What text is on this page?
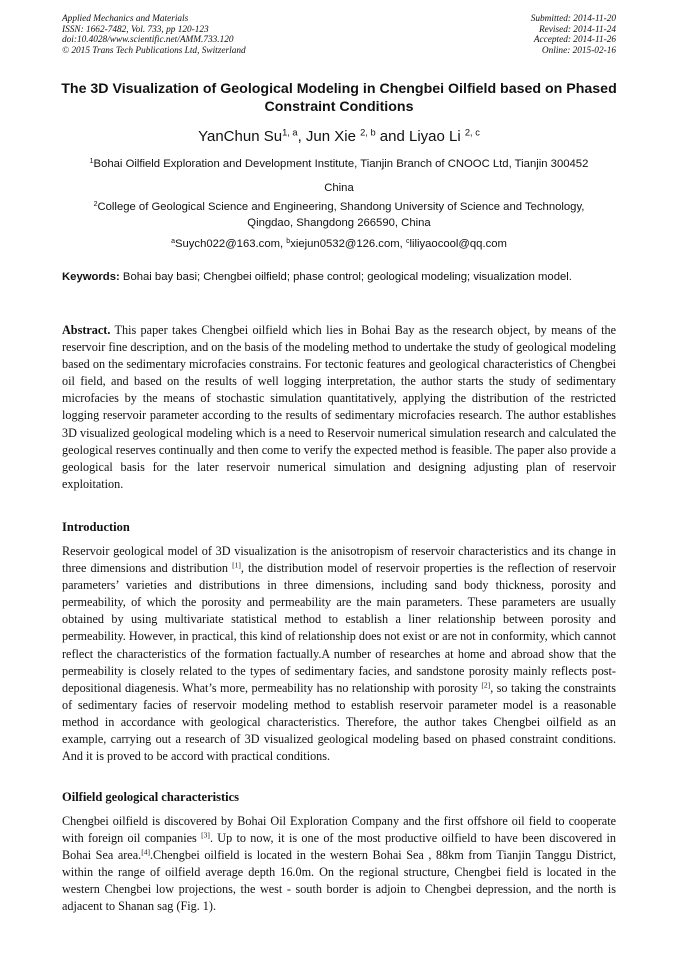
Applied Mechanics and Materials
ISSN: 1662-7482, Vol. 733, pp 120-123
doi:10.4028/www.scientific.net/AMM.733.120
© 2015 Trans Tech Publications Ltd, Switzerland
Submitted: 2014-11-20
Revised: 2014-11-24
Accepted: 2014-11-26
Online: 2015-02-16
The 3D Visualization of Geological Modeling in Chengbei Oilfield based on Phased Constraint Conditions
YanChun Su$^{1, a}$, Jun Xie $^{2, b}$ and Liyao Li $^{2, c}$
$^1$Bohai Oilfield Exploration and Development Institute, Tianjin Branch of CNOOC Ltd, Tianjin 300452
China
$^2$College of Geological Science and Engineering, Shandong University of Science and Technology,
Qingdao, Shangdong 266590, China
$^a$Suych022@163.com, $^b$xiejun0532@126.com, $^c$liliyaocool@qq.com
Keywords: Bohai bay basi; Chengbei oilfield; phase control; geological modeling; visualization model.
Abstract. This paper takes Chengbei oilfield which lies in Bohai Bay as the research object, by means of the reservoir fine description, and on the basis of the modeling method to undertake the study of geological modeling based on the sedimentary microfacies constrains. For tectonic features and geological characteristics of Chengbei oil field, and based on the results of well logging interpretation, the author starts the study of sedimentary microfacies by the means of stochastic simulation quantitatively, applying the distribution of the restricted logging reservoir parameter according to the results of sedimentary microfacies research. The author establishes 3D visualized geological modeling which is a need to Reservoir numerical simulation research and calculated the geological reserves continually and then come to verify the expected method is feasible. The paper also provide a geological basis for the later reservoir numerical simulation and designing adjusting plan of reservoir exploitation.
Introduction
Reservoir geological model of 3D visualization is the anisotropism of reservoir characteristics and its change in three dimensions and distribution [1], the distribution model of reservoir properties is the reflection of reservoir parameters’ varieties and distributions in three dimensions, including sand body thickness, porosity and permeability, of which the porosity and permeability are the main parameters. These parameters are usually obtained by using multivariate statistical method to establish a liner relationship between porosity and permeability. However, in practical, this kind of relationship does not exist or are not in conformity, which cannot reflect the characteristics of the formation factually.A number of researches at home and abroad show that the permeability is closely related to the types of sedimentary facies, and sandstone porosity mainly reflects post-depositional diagenesis. What’s more, permeability has no relationship with porosity [2], so taking the constraints of sedimentary facies of reservoir modeling method to establish reservoir parameter model is a reasonable method in accordance with geological characteristics. Therefore, the author takes Chengbei oilfield as an example, carrying out a research of 3D visualized geological modeling based on phased constraint conditions. And it is proved to be accord with practical conditions.
Oilfield geological characteristics
Chengbei oilfield is discovered by Bohai Oil Exploration Company and the first offshore oil field to cooperate with foreign oil companies [3]. Up to now, it is one of the most productive oilfield to have been discovered in Bohai Sea area.[4].Chengbei oilfield is located in the western Bohai Sea , 88km from Tianjin Tanggu District, within the range of oilfield average depth 16.0m. On the regional structure, Chengbei field is located in the western Chengbei low projections, the west - south border is adjoin to Chengbei depression, and the north is adjacent to Shanan sag (Fig. 1).
